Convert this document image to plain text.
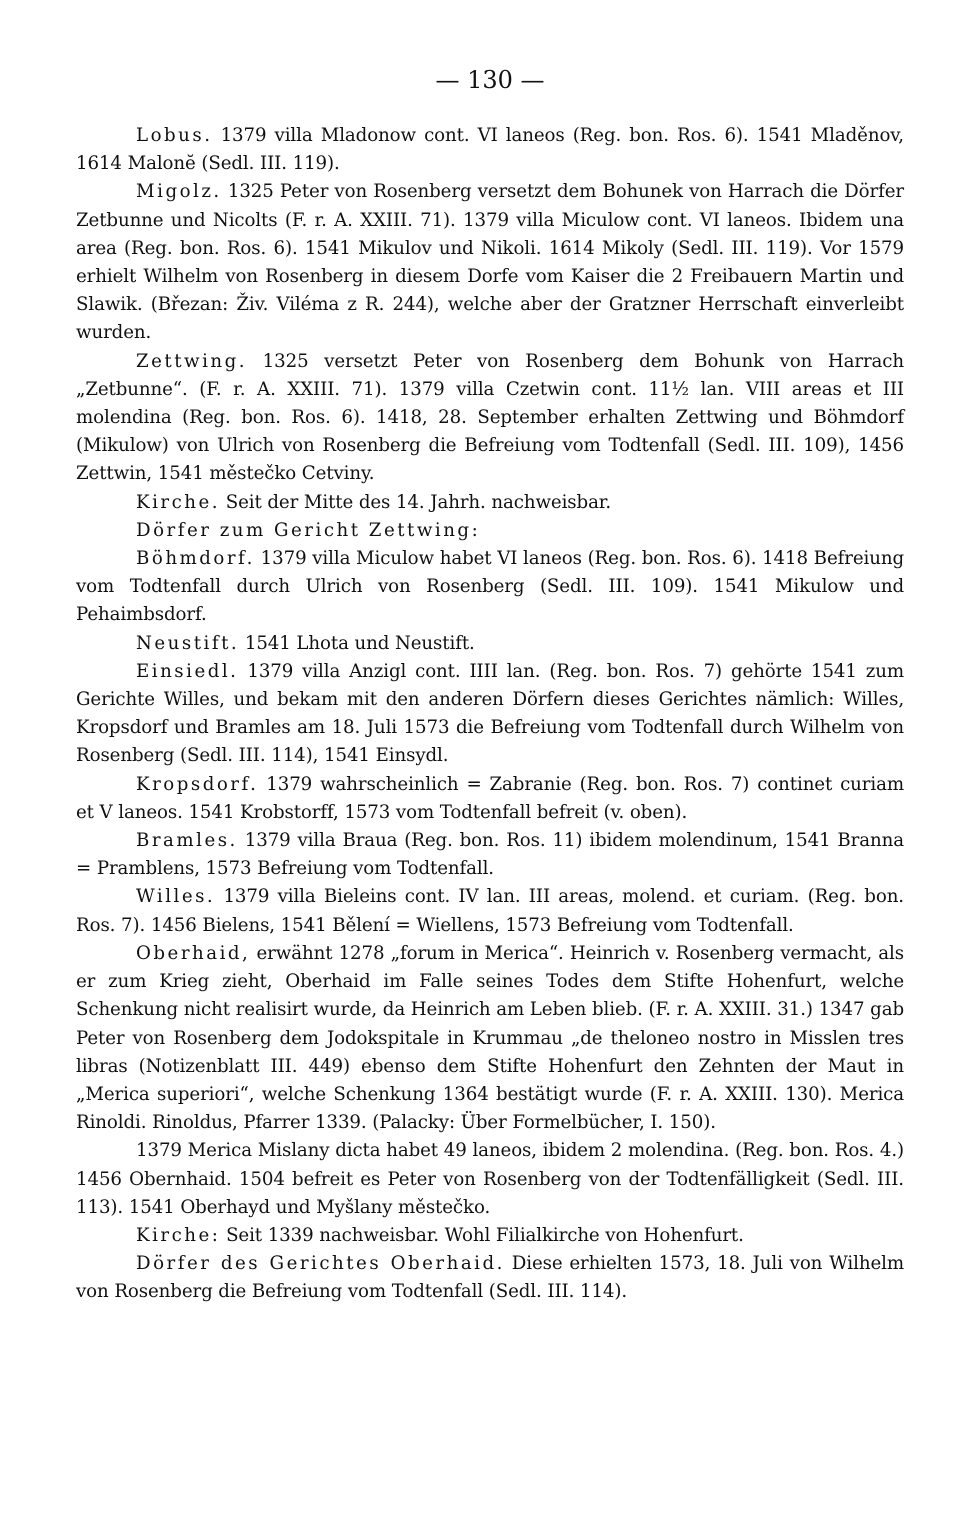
— 130 —

Lobus. 1379 villa Mladonow cont. VI laneos (Reg. bon. Ros. 6). 1541 Mladěnov, 1614 Malonĕ (Sedl. III. 119).

Migolz. 1325 Peter von Rosenberg versetzt dem Bohunek von Harrach die Dörfer Zetbunne und Nicolts (F. r. A. XXIII. 71). 1379 villa Miculow cont. VI laneos. Ibidem una area (Reg. bon. Ros. 6). 1541 Mikulov und Nikoli. 1614 Mikoly (Sedl. III. 119). Vor 1579 erhielt Wilhelm von Rosenberg in diesem Dorfe vom Kaiser die 2 Freibauern Martin und Slawik. (Březan: Živ. Viléma z R. 244), welche aber der Gratzner Herrschaft einverleibt wurden.

Zettwing. 1325 versetzt Peter von Rosenberg dem Bohunk von Harrach „Zetbunne“. (F. r. A. XXIII. 71). 1379 villa Czetwin cont. 11½ lan. VIII areas et III molendina (Reg. bon. Ros. 6). 1418, 28. September erhalten Zettwing und Böhmdorf (Mikulow) von Ulrich von Rosenberg die Befreiung vom Todtenfall (Sedl. III. 109), 1456 Zettwin, 1541 městečko Cetviny.

Kirche. Seit der Mitte des 14. Jahrh. nachweisbar.

Dörfer zum Gericht Zettwing:

Böhmdorf. 1379 villa Miculow habet VI laneos (Reg. bon. Ros. 6). 1418 Befreiung vom Todtenfall durch Ulrich von Rosenberg (Sedl. III. 109). 1541 Mikulow und Pehaimbsdorf.

Neustift. 1541 Lhota und Neustift.

Einsiedl. 1379 villa Anzigl cont. IIII lan. (Reg. bon. Ros. 7) gehörte 1541 zum Gerichte Willes, und bekam mit den anderen Dörfern dieses Gerichtes nämlich: Willes, Kropsdorf und Bramles am 18. Juli 1573 die Befreiung vom Todtenfall durch Wilhelm von Rosenberg (Sedl. III. 114), 1541 Einsydl.

Kropsdorf. 1379 wahrscheinlich = Zabranie (Reg. bon. Ros. 7) continet curiam et V laneos. 1541 Krobstorff, 1573 vom Todtenfall befreit (v. oben).

Bramles. 1379 villa Braua (Reg. bon. Ros. 11) ibidem molendinum, 1541 Branna = Pramblens, 1573 Befreiung vom Todtenfall.

Willes. 1379 villa Bieleins cont. IV lan. III areas, molend. et curiam. (Reg. bon. Ros. 7). 1456 Bielens, 1541 Bělení = Wiellens, 1573 Befreiung vom Todtenfall.

Oberhaid, erwähnt 1278 „forum in Merica“. Heinrich v. Rosenberg vermacht, als er zum Krieg zieht, Oberhaid im Falle seines Todes dem Stifte Hohenfurt, welche Schenkung nicht realisirt wurde, da Heinrich am Leben blieb. (F. r. A. XXIII. 31.) 1347 gab Peter von Rosenberg dem Jodokspitale in Krummau „de theloneo nostro in Misslen tres libras (Notizenblatt III. 449) ebenso dem Stifte Hohenfurt den Zehnten der Maut in „Merica superiori“, welche Schenkung 1364 bestätigt wurde (F. r. A. XXIII. 130). Merica Rinoldi. Rinoldus, Pfarrer 1339. (Palacky: Über Formelbücher, I. 150).

1379 Merica Mislany dicta habet 49 laneos, ibidem 2 molendina. (Reg. bon. Ros. 4.) 1456 Obernhaid. 1504 befreit es Peter von Rosenberg von der Todtenfälligkeit (Sedl. III. 113). 1541 Oberhayd und Myšlany městečko.

Kirche: Seit 1339 nachweisbar. Wohl Filialkirche von Hohenfurt.

Dörfer des Gerichtes Oberhaid. Diese erhielten 1573, 18. Juli von Wilhelm von Rosenberg die Befreiung vom Todtenfall (Sedl. III. 114).
